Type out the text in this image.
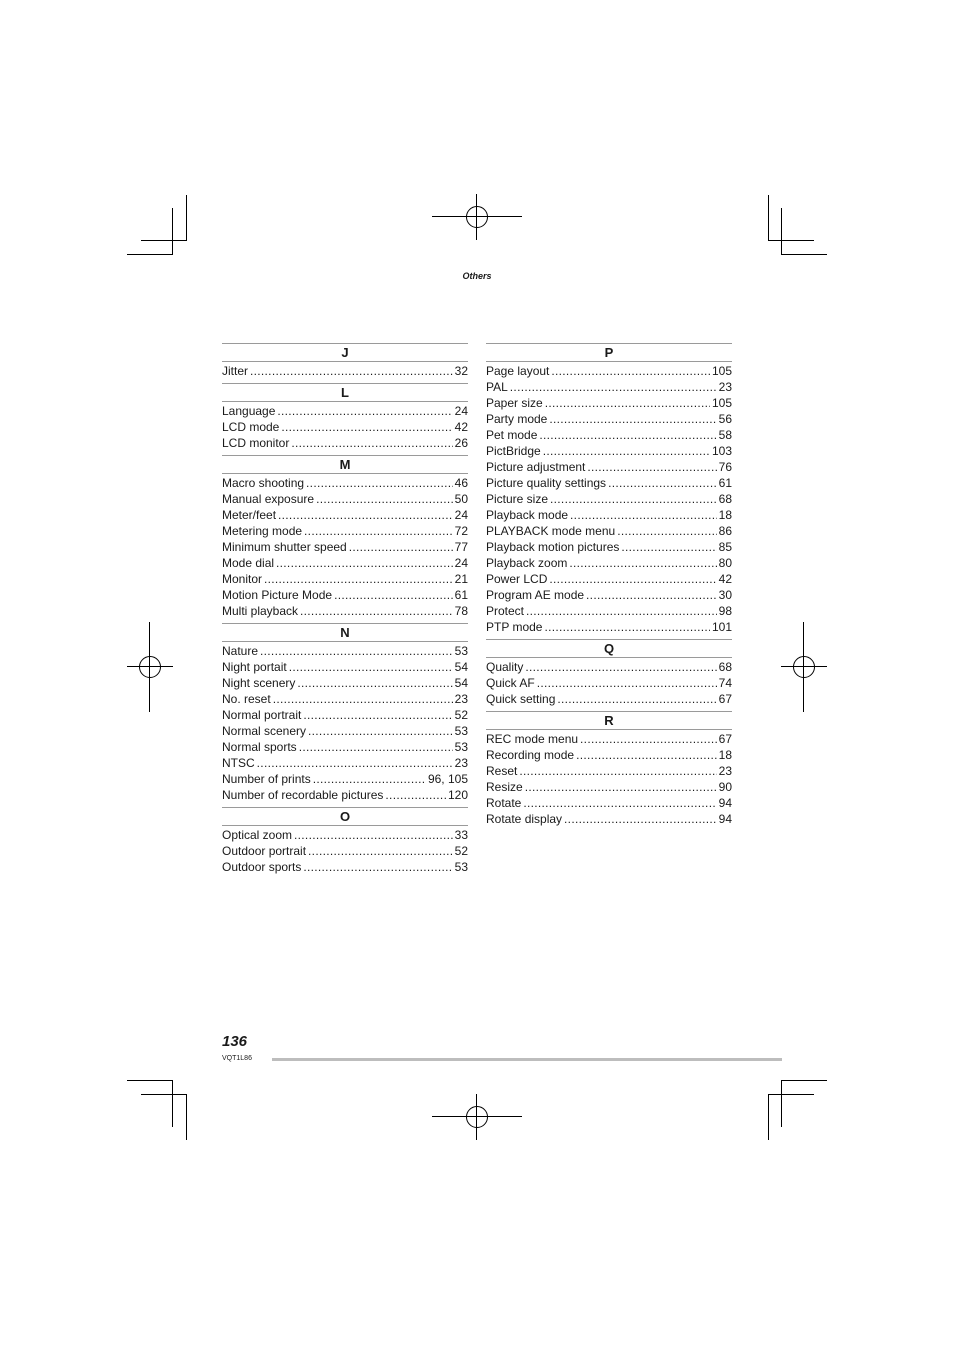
Others
J
Jitter .....	32
L
Language .....	24
LCD mode .....	42
LCD monitor .....	26
M
Macro shooting .....	46
Manual exposure .....	50
Meter/feet .....	24
Metering mode .....	72
Minimum shutter speed .....	77
Mode dial .....	24
Monitor .....	21
Motion Picture Mode .....	61
Multi playback .....	78
N
Nature .....	53
Night portait .....	54
Night scenery .....	54
No. reset .....	23
Normal portrait .....	52
Normal scenery .....	53
Normal sports .....	53
NTSC .....	23
Number of prints .....	96, 105
Number of recordable pictures .....	120
O
Optical zoom .....	33
Outdoor portrait .....	52
Outdoor sports .....	53
P
Page layout .....	105
PAL .....	23
Paper size .....	105
Party mode .....	56
Pet mode .....	58
PictBridge .....	103
Picture adjustment .....	76
Picture quality settings .....	61
Picture size .....	68
Playback mode .....	18
PLAYBACK mode menu .....	86
Playback motion pictures .....	85
Playback zoom .....	80
Power LCD .....	42
Program AE mode .....	30
Protect .....	98
PTP mode .....	101
Q
Quality .....	68
Quick AF .....	74
Quick setting .....	67
R
REC mode menu .....	67
Recording mode .....	18
Reset .....	23
Resize .....	90
Rotate .....	94
Rotate display .....	94
136
VQT1L86
